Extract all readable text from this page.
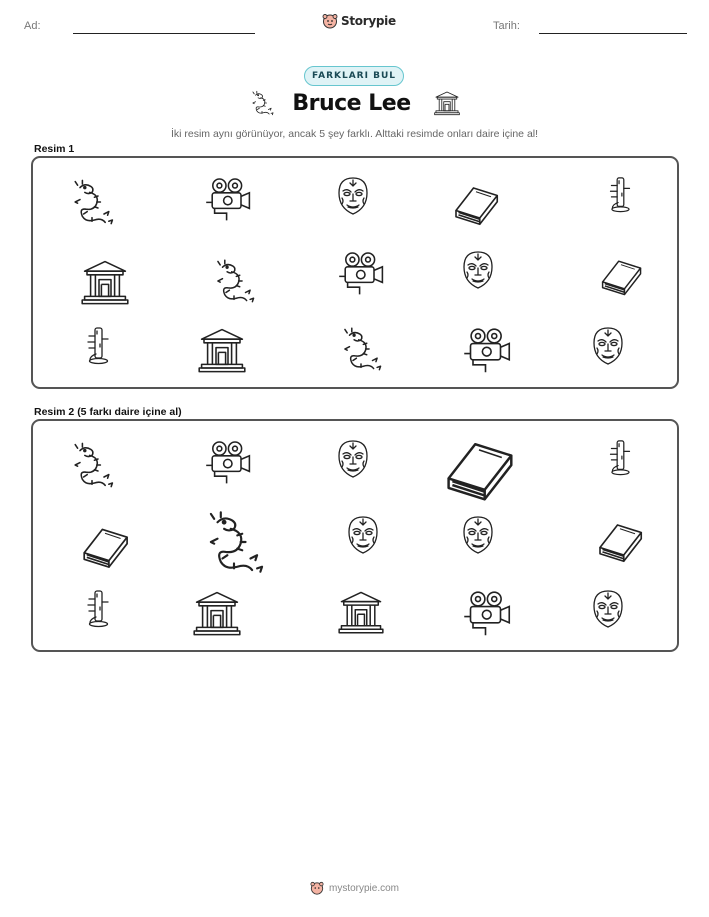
Ad:	Storypie	Tarih:
FARKLARI BUL
Bruce Lee
İki resim aynı görünüyor, ancak 5 şey farklı. Alttaki resimde onları daire içine al!
Resim 1
Resim 2 (5 farkı daire içine al)
mystorypie.com
